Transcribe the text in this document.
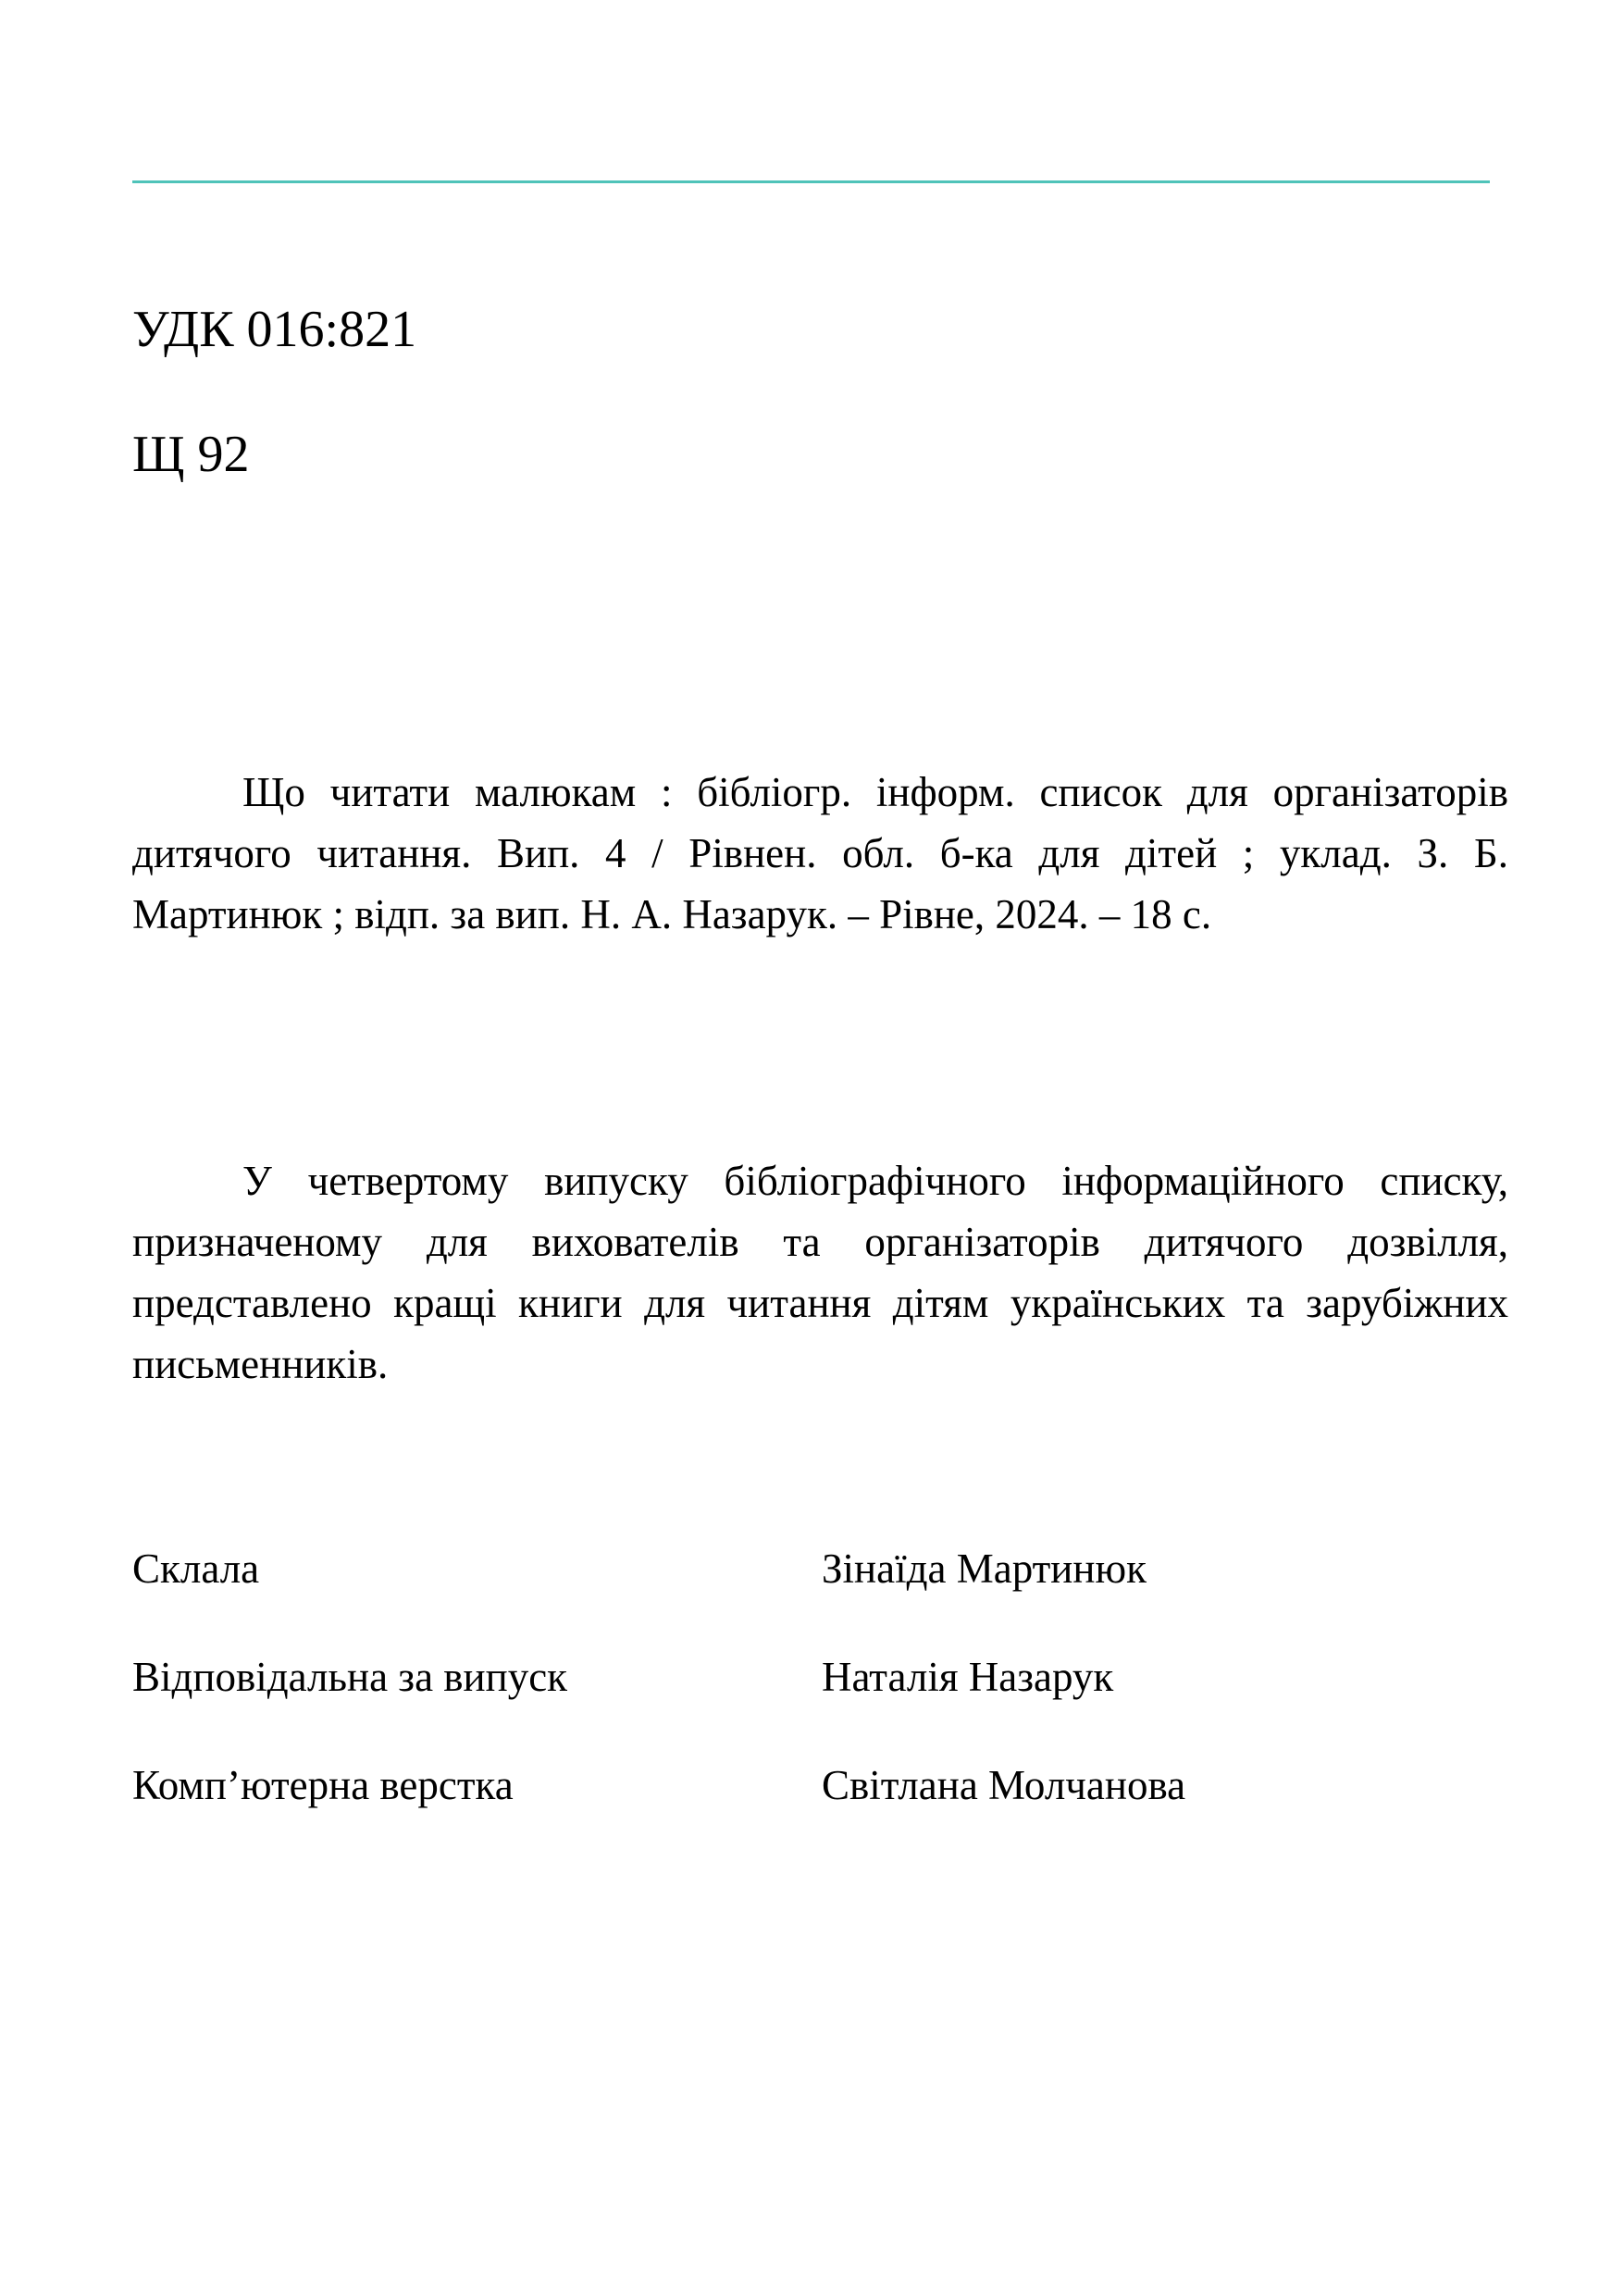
УДК 016:821

Щ 92

Що читати малюкам : бібліогр. інформ. список для організаторів дитячого читання. Вип. 4 / Рівнен. обл. б-ка для дітей ; уклад. З. Б. Мартинюк ; відп. за вип. Н. А. Назарук. – Рівне, 2024. – 18 с.

У четвертому випуску бібліографічного інформаційного списку, призначеному для вихователів та організаторів дитячого дозвілля, представлено кращі книги для читання дітям українських та зарубіжних письменників.

Склала	Зінаїда Мартинюк
Відповідальна за випуск	Наталія Назарук
Комп’ютерна верстка	Світлана Молчанова
